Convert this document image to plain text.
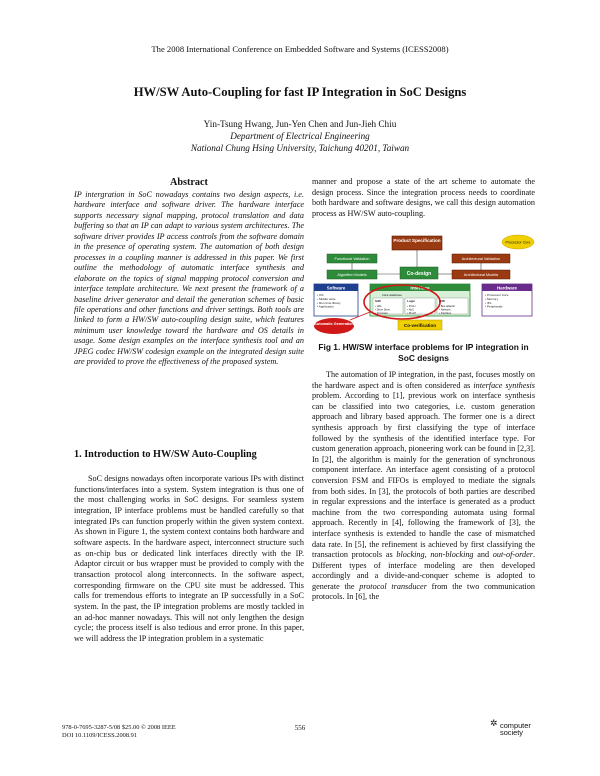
The 2008 International Conference on Embedded Software and Systems (ICESS2008)
HW/SW Auto-Coupling for fast IP Integration in SoC Designs
Yin-Tsung Hwang, Jun-Yen Chen and Jun-Jieh Chiu
Department of Electrical Engineering
National Chung Hsing University, Taichung 40201, Taiwan
Abstract
IP intergration in SoC nowadays contains two design aspects, i.e. hardware interface and software driver. The hardware interface supports necessary signal mapping, protocol translation and data buffering so that an IP can adapt to various system architectures. The software driver provides IP access controls from the software domain in the presence of operating system. The automation of both design processes in a coupling manner is addressed in this paper. We first outline the methodology of automatic interface synthesis and elaborate on the topics of signal mapping protocol conversion and interface template architecture. We next present the framework of a baseline driver generator and detail the generation schemes of basic file operations and other functions and driver settings. Both tools are linked to form a HW/SW auto-coupling design suite, which features minimum user knowledge toward the hardware and OS details in usage. Some design examples on the interface synthesis tool and an JPEG codec HW/SW codesign example on the integrated design suite are provided to prove the effectiveness of the proposed system.
1. Introduction to HW/SW Auto-Coupling

SoC designs nowadays often incorporate various IPs with distinct functions/interfaces into a system. System integration is thus one of the most challenging works in SoC designs. For seamless system integration, IP interface problems must be handled carefully so that integrated IPs can function properly within the given system context. As shown in Figure 1, the system context contains both hardware and software aspects. In the hardware aspect, interconnect structure such as on-chip bus or dedicated link interfaces directly with the IP. Adaptor circuit or bus wrapper must be provided to comply with the transaction protocol along interconnects. In the software aspect, corresponding firmware on the CPU site must be addressed. This calls for tremendous efforts to integrate an IP successfully in a SoC system. In the past, the IP integration problems are mostly tackled in an ad-hoc manner nowadays. This will not only lengthen the design cycle; the process itself is also tedious and error prone. In this paper, we will address the IP integration problem in a systematic

manner and propose a state of the art scheme to automate the design process. Since the integration process needs to coordinate both hardware and software designs, we call this design automation process as HW/SW auto-coupling.
Product Specification	Processor Core
Functional Validation	Architectural Validation
Algorithm Models	Co-design	Architectural Models
Software
• OS • Middle ware • Run time library • Application
Interface
Intra-database
S/W
• HAL • Drive Drive • Firmware
Logic
• ICGU • NoC • Pin-IP
H/W
• Bus adapter • Network • Interface
Hardware
• Processor Core • Memory • IPs • Peripherals
Automatic Generation	Co-verification
Fig 1. HW/SW interface problems for IP integration in SoC designs

The automation of IP integration, in the past, focuses mostly on the hardware aspect and is often considered as interface synthesis problem. According to [1], previous work on interface synthesis can be classified into two categories, i.e. custom generation approach and library based approach. The former one is a direct synthesis approach by first classifying the type of interface followed by the synthesis of the identified interface type. For custom generation approach, pioneering work can be found in [2,3]. In [2], the algorithm is mainly for the generation of synchronous component interface. An interface agent consisting of a protocol conversion FSM and FIFOs is employed to mediate the signals from both sides. In [3], the protocols of both parties are described in regular expressions and the interface is generated as a product machine from the two corresponding automata using formal approach. Recently in [4], following the framework of [3], the interface synthesis is extended to handle the case of mismatched data rate. In [5], the refinement is achieved by first classifying the transaction protocols as blocking, non-blocking and out-of-order. Different types of interface modeling are then developed accordingly and a divide-and-conquer scheme is adopted to generate the protocol transducer from the two communication protocols. In [6], the

978-0-7695-3287-5/08 $25.00 © 2008 IEEE
DOI 10.1109/ICESS.2008.91
556	✲ computer
society
